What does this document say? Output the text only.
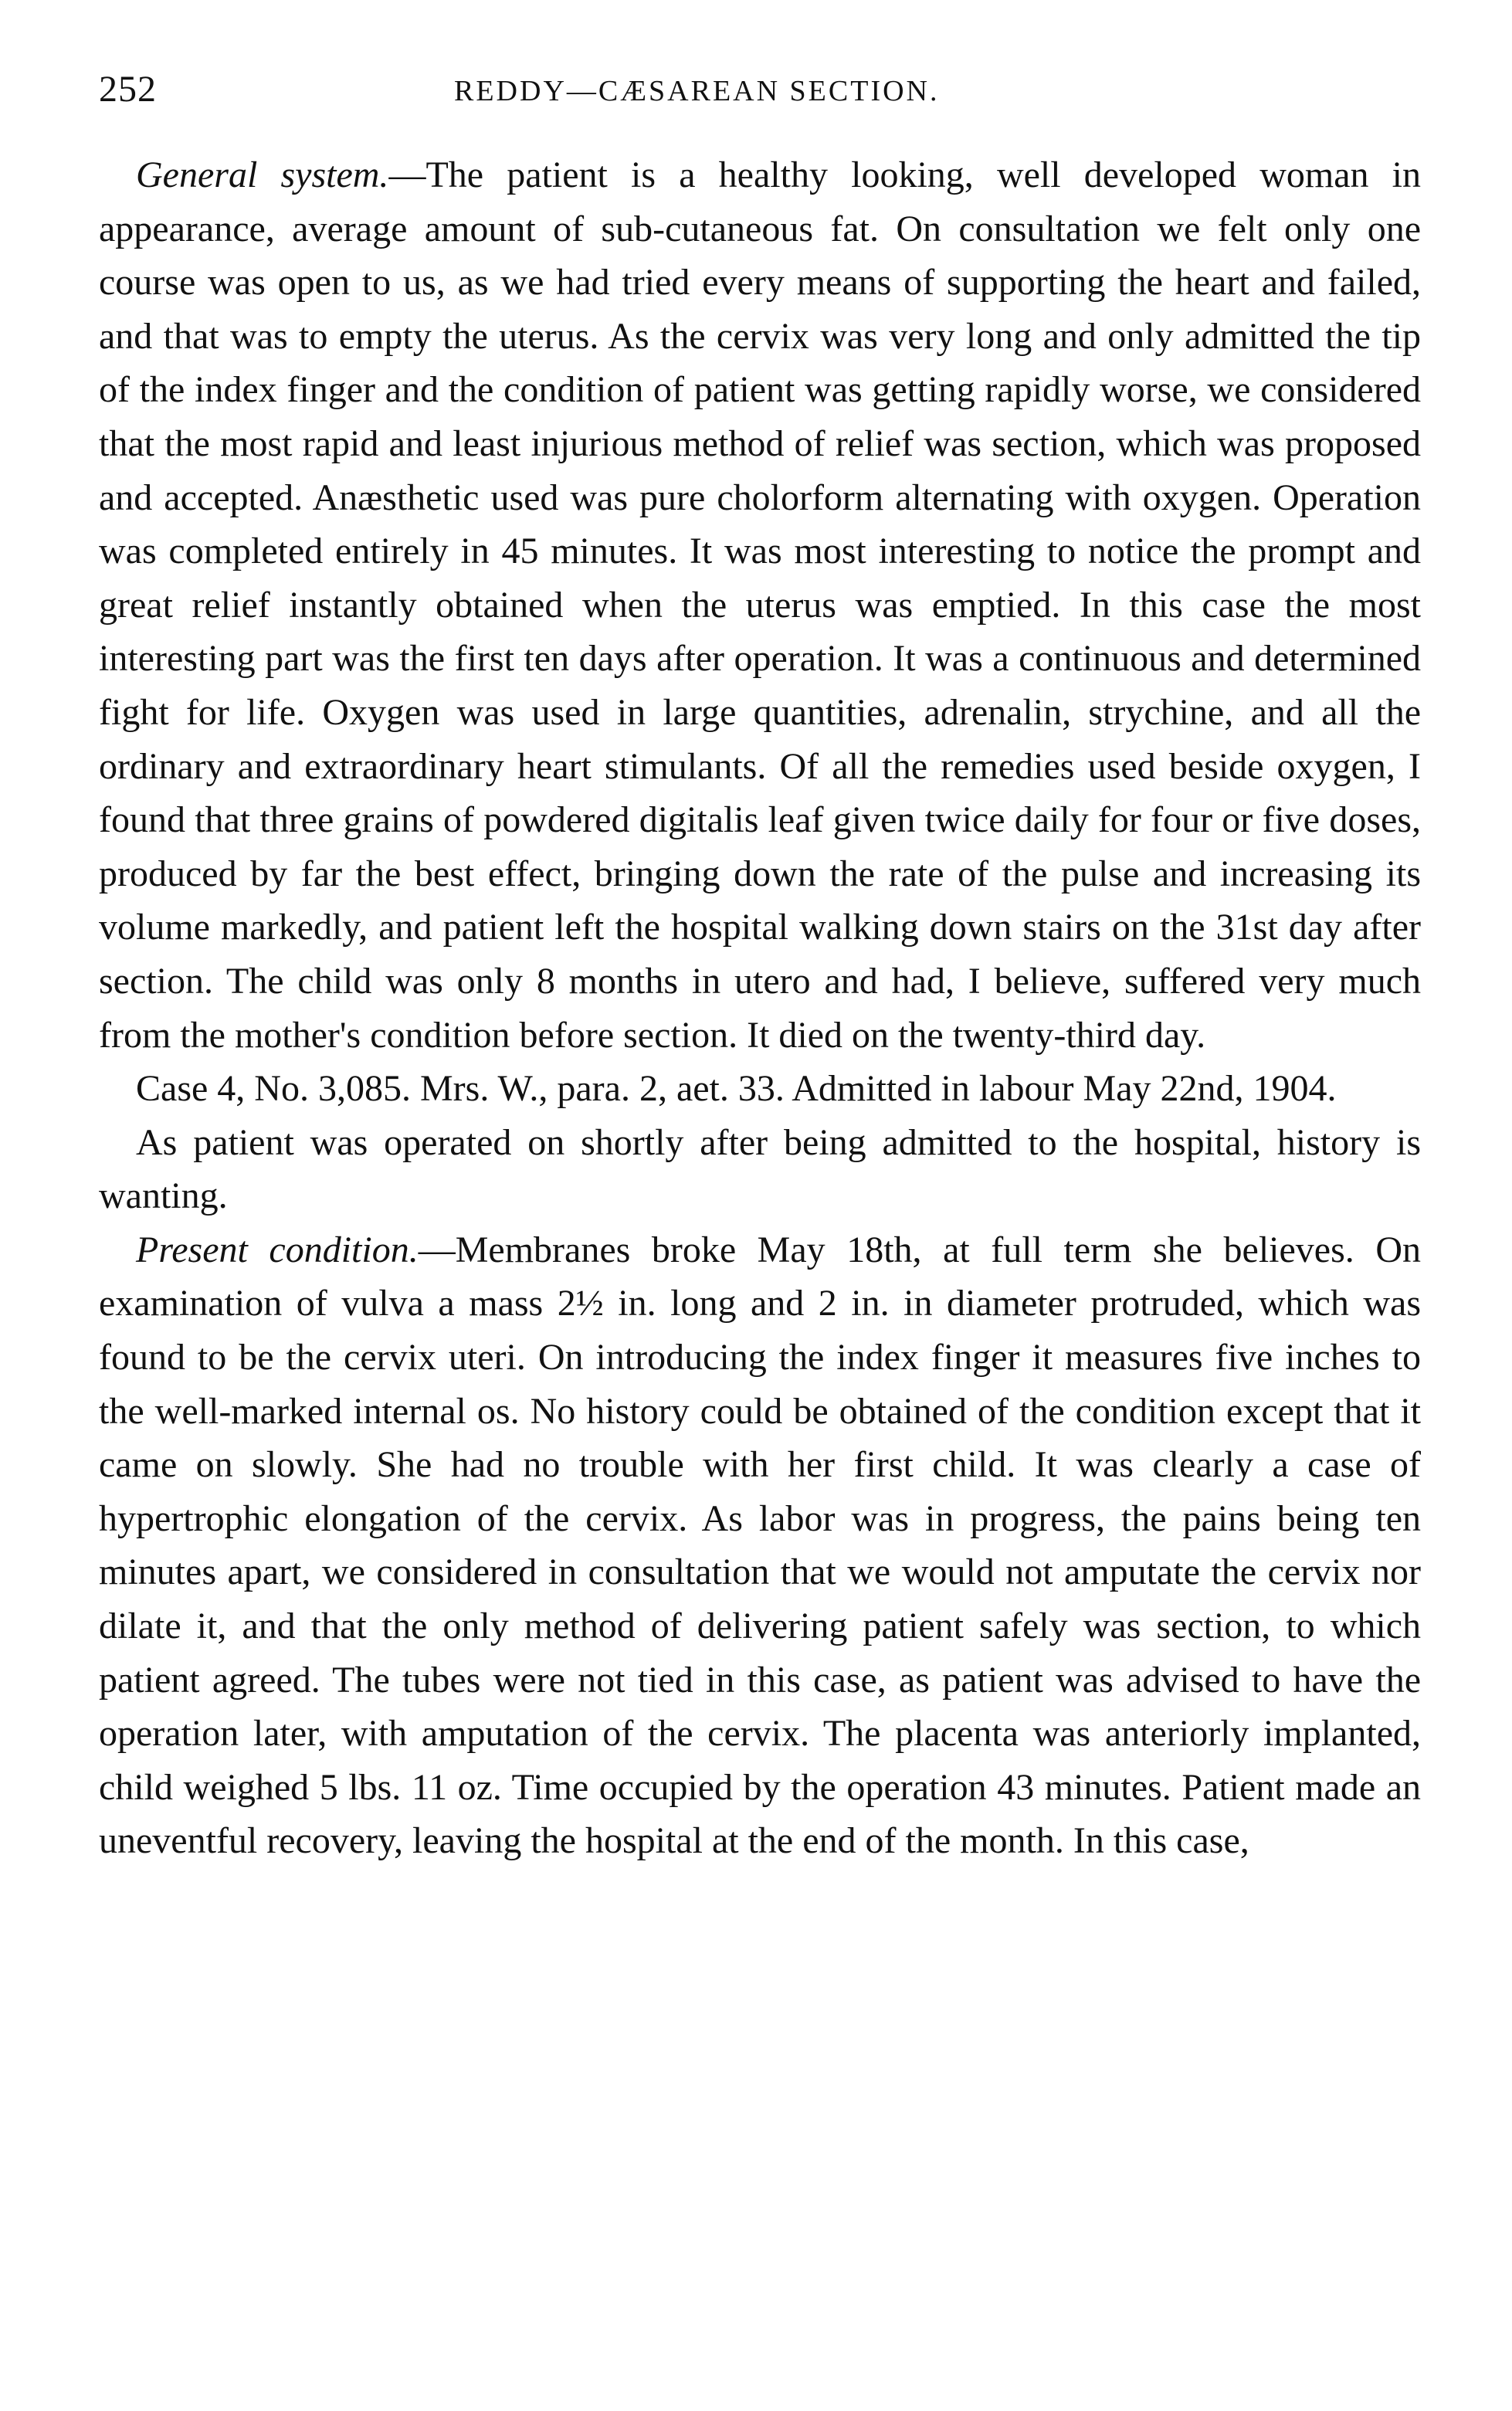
252	REDDY—CÆSAREAN SECTION.

General system.—The patient is a healthy looking, well developed woman in appearance, average amount of sub-cutaneous fat. On consultation we felt only one course was open to us, as we had tried every means of supporting the heart and failed, and that was to empty the uterus. As the cervix was very long and only admitted the tip of the index finger and the condition of patient was getting rapidly worse, we considered that the most rapid and least injurious method of relief was section, which was proposed and accepted. Anæsthetic used was pure cholorform alternating with oxygen. Operation was completed entirely in 45 minutes. It was most interesting to notice the prompt and great relief instantly obtained when the uterus was emptied. In this case the most interesting part was the first ten days after operation. It was a continuous and determined fight for life. Oxygen was used in large quantities, adrenalin, strychine, and all the ordinary and extraordinary heart stimulants. Of all the remedies used beside oxygen, I found that three grains of powdered digitalis leaf given twice daily for four or five doses, produced by far the best effect, bringing down the rate of the pulse and increasing its volume markedly, and patient left the hospital walking down stairs on the 31st day after section. The child was only 8 months in utero and had, I believe, suffered very much from the mother's condition before section. It died on the twenty-third day.

Case 4, No. 3,085. Mrs. W., para. 2, aet. 33. Admitted in labour May 22nd, 1904.

As patient was operated on shortly after being admitted to the hospital, history is wanting.

Present condition.—Membranes broke May 18th, at full term she believes. On examination of vulva a mass 2½ in. long and 2 in. in diameter protruded, which was found to be the cervix uteri. On introducing the index finger it measures five inches to the well-marked internal os. No history could be obtained of the condition except that it came on slowly. She had no trouble with her first child. It was clearly a case of hypertrophic elongation of the cervix. As labor was in progress, the pains being ten minutes apart, we considered in consultation that we would not amputate the cervix nor dilate it, and that the only method of delivering patient safely was section, to which patient agreed. The tubes were not tied in this case, as patient was advised to have the operation later, with amputation of the cervix. The placenta was anteriorly implanted, child weighed 5 lbs. 11 oz. Time occupied by the operation 43 minutes. Patient made an uneventful recovery, leaving the hospital at the end of the month. In this case,
